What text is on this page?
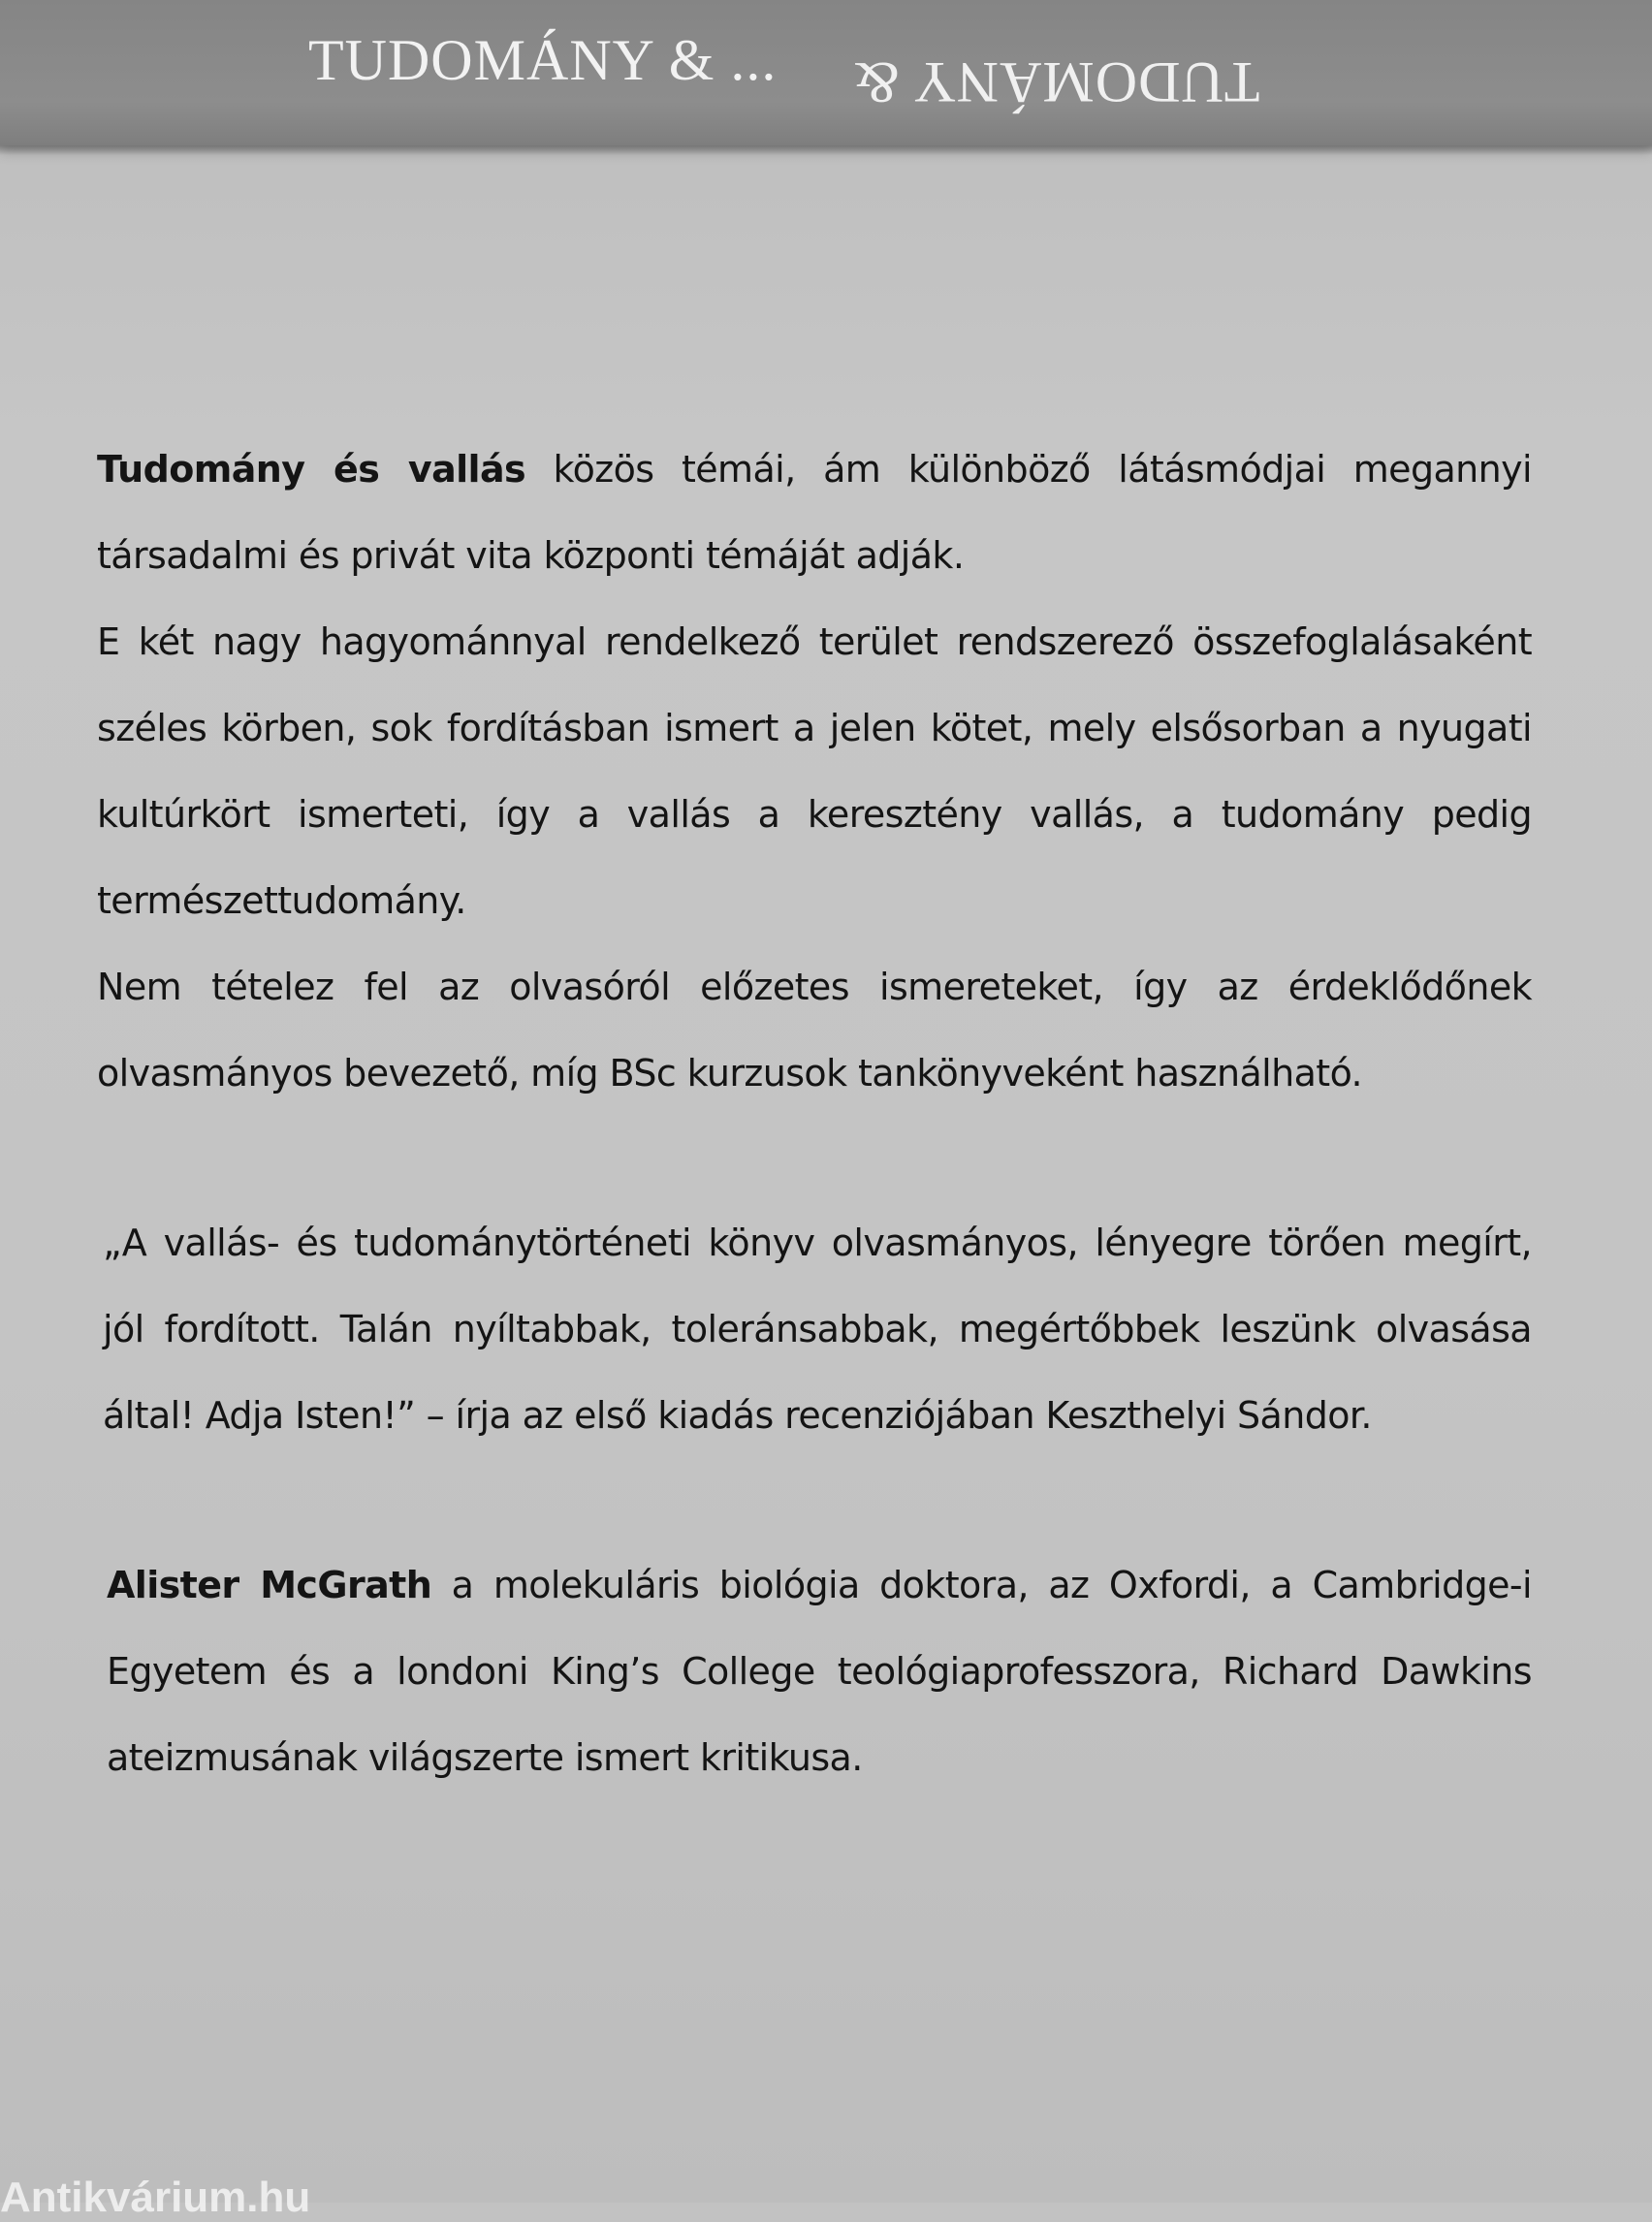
TUDOMÁNY & ... TUDOMÁNY &

Tudomány és vallás közös témái, ám különböző látásmódjai megannyi társadalmi és privát vita központi témáját adják.

E két nagy hagyománnyal rendelkező terület rendszerező összefoglalásaként széles körben, sok fordításban ismert a jelen kötet, mely elsősorban a nyugati kultúrkört ismerteti, így a vallás a keresztény vallás, a tudomány pedig természettudomány.

Nem tételez fel az olvasóról előzetes ismereteket, így az érdeklődőnek olvasmányos bevezető, míg BSc kurzusok tankönyveként használható.

„A vallás- és tudománytörténeti könyv olvasmányos, lényegre törően megírt, jól fordított. Talán nyíltabbak, toleránsabbak, megértőbbek leszünk olvasása által! Adja Isten!” – írja az első kiadás recenziójában Keszthelyi Sándor.

Alister McGrath a molekuláris biológia doktora, az Oxfordi, a Cambridge-i Egyetem és a londoni King’s College teológiaprofesszora, Richard Dawkins ateizmusának világszerte ismert kritikusa.

Antikvárium.hu
